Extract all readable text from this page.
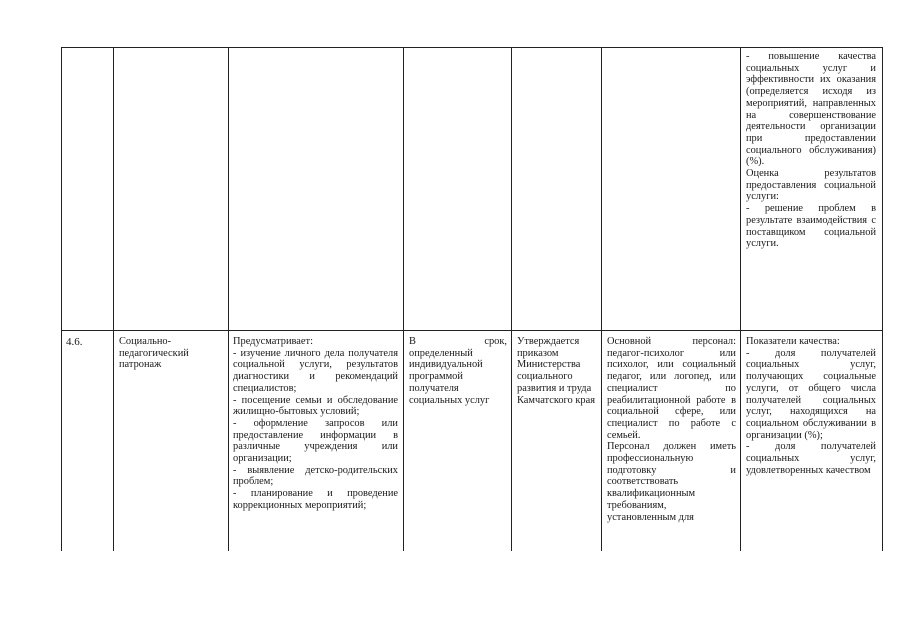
- повышение качества социальных услуг и эффективности их оказания (определяется исходя из мероприятий, направленных на совершенствование деятельности организации при предоставлении социального обслуживания) (%).
Оценка результатов предоставления социальной услуги:
- решение проблем в результате взаимодействия с поставщиком социальной услуги.
4.6.	Социально-педагогический патронаж
Предусматривает:
- изучение личного дела получателя социальной услуги, результатов диагностики и рекомендаций специалистов;
- посещение семьи и обследование жилищно-бытовых условий;
- оформление запросов или предоставление информации в различные учреждения или организации;
- выявление детско-родительских проблем;
- планирование и проведение коррекционных мероприятий;
В срок, определенный индивидуальной программой получателя социальных услуг
Утверждается приказом Министерства социального развития и труда Камчатского края
Основной персонал: педагог-психолог или психолог, или социальный педагог, или логопед, или специалист по реабилитационной работе в социальной сфере, или специалист по работе с семьей.
Персонал должен иметь профессиональную подготовку и соответствовать квалификационным требованиям, установленным для
Показатели качества:
- доля получателей социальных услуг, получающих социальные услуги, от общего числа получателей социальных услуг, находящихся на социальном обслуживании в организации (%);
- доля получателей социальных услуг, удовлетворенных качеством
